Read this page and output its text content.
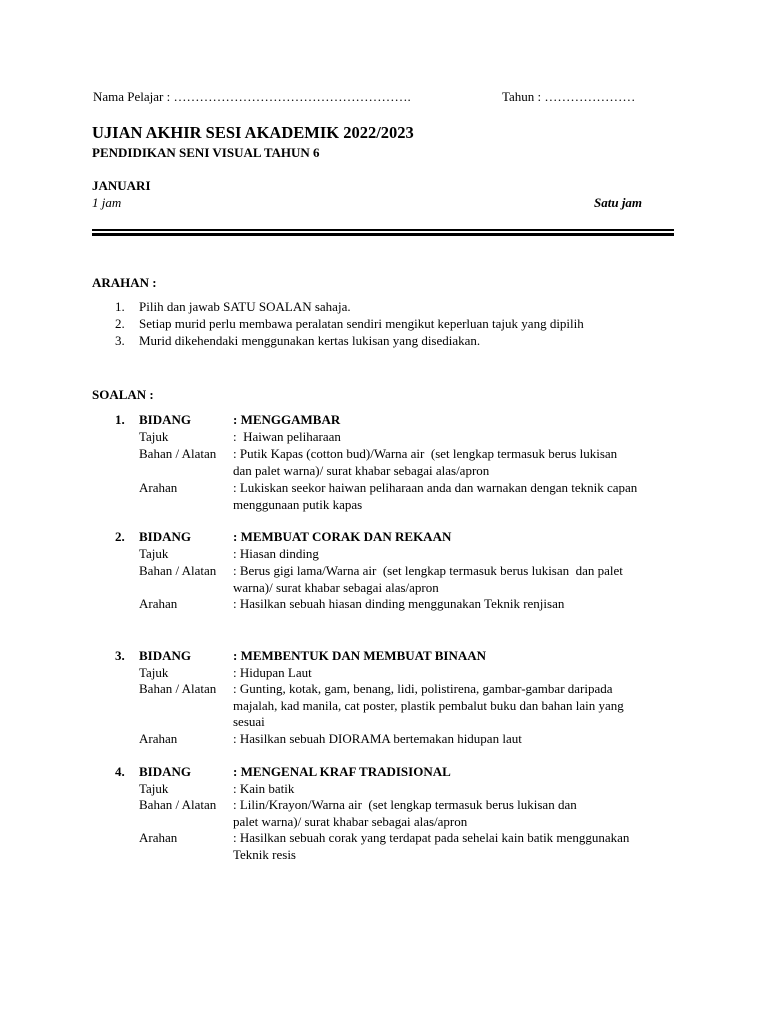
Nama Pelajar : ……………………………………………….	Tahun : …………………
UJIAN AKHIR SESI AKADEMIK 2022/2023
PENDIDIKAN SENI VISUAL TAHUN 6
JANUARI
1 jam	Satu jam
ARAHAN :
1. Pilih dan jawab SATU SOALAN sahaja.
2. Setiap murid perlu membawa peralatan sendiri mengikut keperluan tajuk yang dipilih
3. Murid dikehendaki menggunakan kertas lukisan yang disediakan.
SOALAN :
1. BIDANG	: MENGGAMBAR
Tajuk	:  Haiwan peliharaan
Bahan / Alatan : Putik Kapas (cotton bud)/Warna air  (set lengkap termasuk berus lukisan
dan palet warna)/ surat khabar sebagai alas/apron
Arahan	: Lukiskan seekor haiwan peliharaan anda dan warnakan dengan teknik capan
menggunaan putik kapas
2. BIDANG	: MEMBUAT CORAK DAN REKAAN
Tajuk	: Hiasan dinding
Bahan / Alatan : Berus gigi lama/Warna air  (set lengkap termasuk berus lukisan  dan palet
warna)/ surat khabar sebagai alas/apron
Arahan	: Hasilkan sebuah hiasan dinding menggunakan Teknik renjisan
3. BIDANG	: MEMBENTUK DAN MEMBUAT BINAAN
Tajuk	: Hidupan Laut
Bahan / Alatan : Gunting, kotak, gam, benang, lidi, polistirena, gambar-gambar daripada
majalah, kad manila, cat poster, plastik pembalut buku dan bahan lain yang
sesuai
Arahan	: Hasilkan sebuah DIORAMA bertemakan hidupan laut
4. BIDANG	: MENGENAL KRAF TRADISIONAL
Tajuk	: Kain batik
Bahan / Alatan : Lilin/Krayon/Warna air  (set lengkap termasuk berus lukisan dan
palet warna)/ surat khabar sebagai alas/apron
Arahan	: Hasilkan sebuah corak yang terdapat pada sehelai kain batik menggunakan
Teknik resis
